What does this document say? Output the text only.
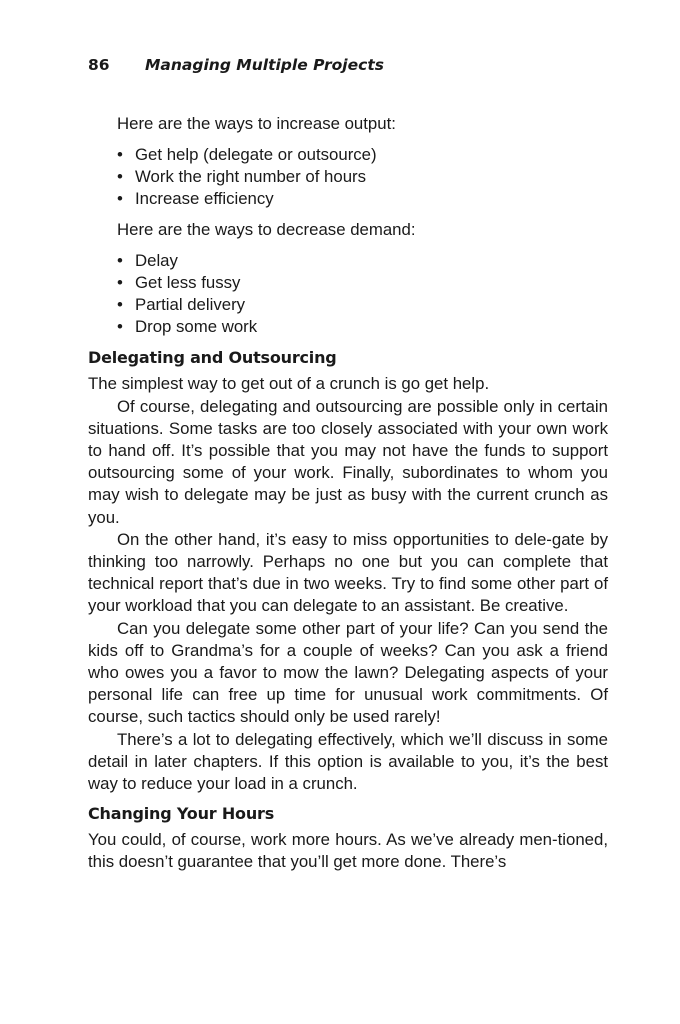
86 Managing Multiple Projects

Here are the ways to increase output:

• Get help (delegate or outsource)
• Work the right number of hours
• Increase efficiency

Here are the ways to decrease demand:

• Delay
• Get less fussy
• Partial delivery
• Drop some work
Delegating and Outsourcing

The simplest way to get out of a crunch is go get help.

Of course, delegating and outsourcing are possible only in certain situations. Some tasks are too closely associated with your own work to hand off. It’s possible that you may not have the funds to support outsourcing some of your work. Finally, subordinates to whom you may wish to delegate may be just as busy with the current crunch as you.

On the other hand, it’s easy to miss opportunities to dele-gate by thinking too narrowly. Perhaps no one but you can complete that technical report that’s due in two weeks. Try to find some other part of your workload that you can delegate to an assistant. Be creative.

Can you delegate some other part of your life? Can you send the kids off to Grandma’s for a couple of weeks? Can you ask a friend who owes you a favor to mow the lawn? Delegating aspects of your personal life can free up time for unusual work commitments. Of course, such tactics should only be used rarely!

There’s a lot to delegating effectively, which we’ll discuss in some detail in later chapters. If this option is available to you, it’s the best way to reduce your load in a crunch.

Changing Your Hours

You could, of course, work more hours. As we’ve already men-tioned, this doesn’t guarantee that you’ll get more done. There’s
